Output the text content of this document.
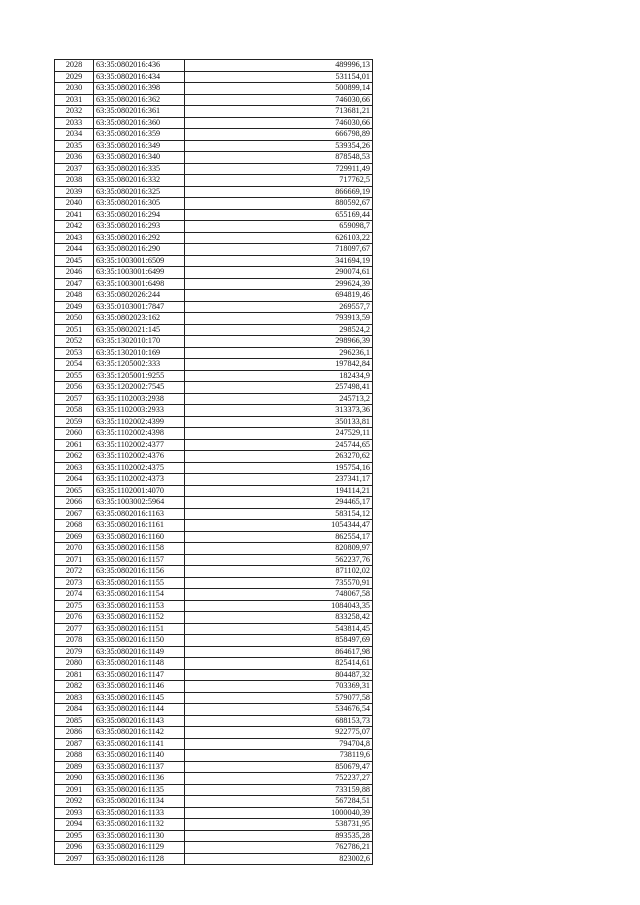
2028	63:35:0802016:436	489996,13
2029	63:35:0802016:434	531154,01
2030	63:35:0802016:398	500899,14
2031	63:35:0802016:362	746030,66
2032	63:35:0802016:361	713681,21
2033	63:35:0802016:360	746030,66
2034	63:35:0802016:359	666798,89
2035	63:35:0802016:349	539354,26
2036	63:35:0802016:340	878548,53
2037	63:35:0802016:335	729911,49
2038	63:35:0802016:332	717762,5
2039	63:35:0802016:325	866669,19
2040	63:35:0802016:305	880592,67
2041	63:35:0802016:294	655169,44
2042	63:35:0802016:293	659098,7
2043	63:35:0802016:292	626103,22
2044	63:35:0802016:290	718097,67
2045	63:35:1003001:6509	341694,19
2046	63:35:1003001:6499	290074,61
2047	63:35:1003001:6498	299624,39
2048	63:35:0802026:244	694819,46
2049	63:35:0103001:7847	269557,7
2050	63:35:0802023:162	793913,59
2051	63:35:0802021:145	298524,2
2052	63:35:1302010:170	298966,39
2053	63:35:1302010:169	296236,1
2054	63:35:1205002:333	197842,84
2055	63:35:1205001:9255	182434,9
2056	63:35:1202002:7545	257498,41
2057	63:35:1102003:2938	245713,2
2058	63:35:1102003:2933	313373,36
2059	63:35:1102002:4399	350133,81
2060	63:35:1102002:4398	247529,11
2061	63:35:1102002:4377	245744,65
2062	63:35:1102002:4376	263270,62
2063	63:35:1102002:4375	195754,16
2064	63:35:1102002:4373	237341,17
2065	63:35:1102001:4070	194114,21
2066	63:35:1003002:5964	294465,17
2067	63:35:0802016:1163	583154,12
2068	63:35:0802016:1161	1054344,47
2069	63:35:0802016:1160	862554,17
2070	63:35:0802016:1158	820809,97
2071	63:35:0802016:1157	562237,76
2072	63:35:0802016:1156	871102,02
2073	63:35:0802016:1155	735570,91
2074	63:35:0802016:1154	748067,58
2075	63:35:0802016:1153	1084043,35
2076	63:35:0802016:1152	833258,42
2077	63:35:0802016:1151	543814,45
2078	63:35:0802016:1150	858497,69
2079	63:35:0802016:1149	864617,98
2080	63:35:0802016:1148	825414,61
2081	63:35:0802016:1147	804487,32
2082	63:35:0802016:1146	703369,31
2083	63:35:0802016:1145	579077,58
2084	63:35:0802016:1144	534676,54
2085	63:35:0802016:1143	688153,73
2086	63:35:0802016:1142	922775,07
2087	63:35:0802016:1141	794704,8
2088	63:35:0802016:1140	738119,6
2089	63:35:0802016:1137	850679,47
2090	63:35:0802016:1136	752237,27
2091	63:35:0802016:1135	733159,88
2092	63:35:0802016:1134	567284,51
2093	63:35:0802016:1133	1000040,39
2094	63:35:0802016:1132	538731,95
2095	63:35:0802016:1130	893535,28
2096	63:35:0802016:1129	762786,21
2097	63:35:0802016:1128	823002,6
